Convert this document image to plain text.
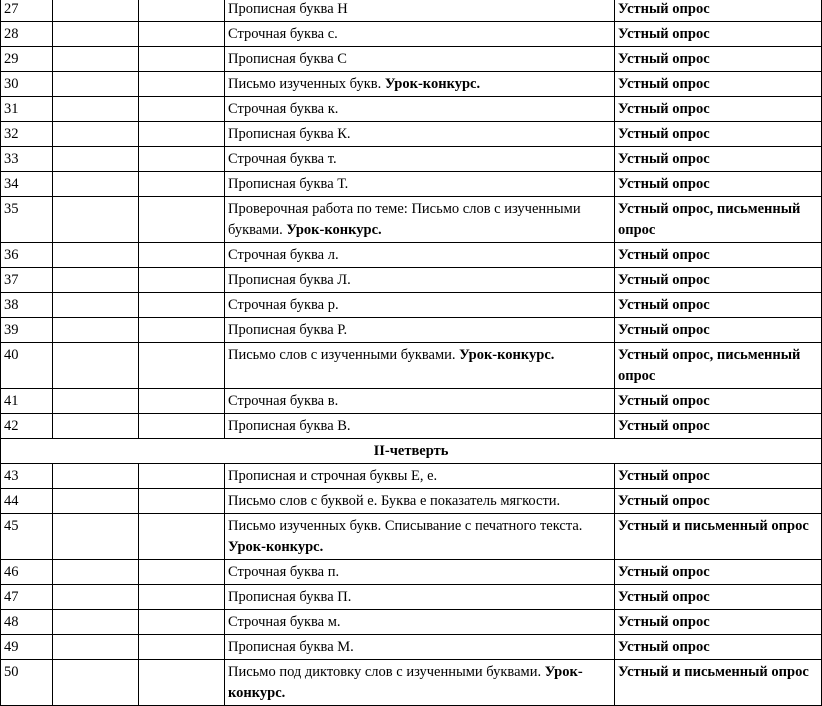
27			Прописная буква Н	Устный опрос
28			Строчная буква с.	Устный опрос
29			Прописная буква С	Устный опрос
30			Письмо изученных букв. Урок-конкурс.	Устный опрос
31			Строчная буква к.	Устный опрос
32			Прописная буква К.	Устный опрос
33			Строчная буква т.	Устный опрос
34			Прописная буква Т.	Устный опрос
35			Проверочная работа по теме: Письмо слов с изученными буквами. Урок-конкурс.	Устный опрос, письменный опрос
36			Строчная буква л.	Устный опрос
37			Прописная буква Л.	Устный опрос
38			Строчная буква р.	Устный опрос
39			Прописная буква Р.	Устный опрос
40			Письмо слов с изученными буквами. Урок-конкурс.	Устный опрос, письменный опрос
41			Строчная буква в.	Устный опрос
42			Прописная буква В.	Устный опрос
II-четверть				
43			Прописная и строчная буквы Е, е.	Устный опрос
44			Письмо слов с буквой е. Буква е показатель мягкости.	Устный опрос
45			Письмо изученных букв. Списывание с печатного текста. Урок-конкурс.	Устный и письменный опрос
46			Строчная буква п.	Устный опрос
47			Прописная буква П.	Устный опрос
48			Строчная буква м.	Устный опрос
49			Прописная буква М.	Устный опрос
50			Письмо под диктовку слов с изученными буквами. Урок-конкурс.	Устный и письменный опрос
